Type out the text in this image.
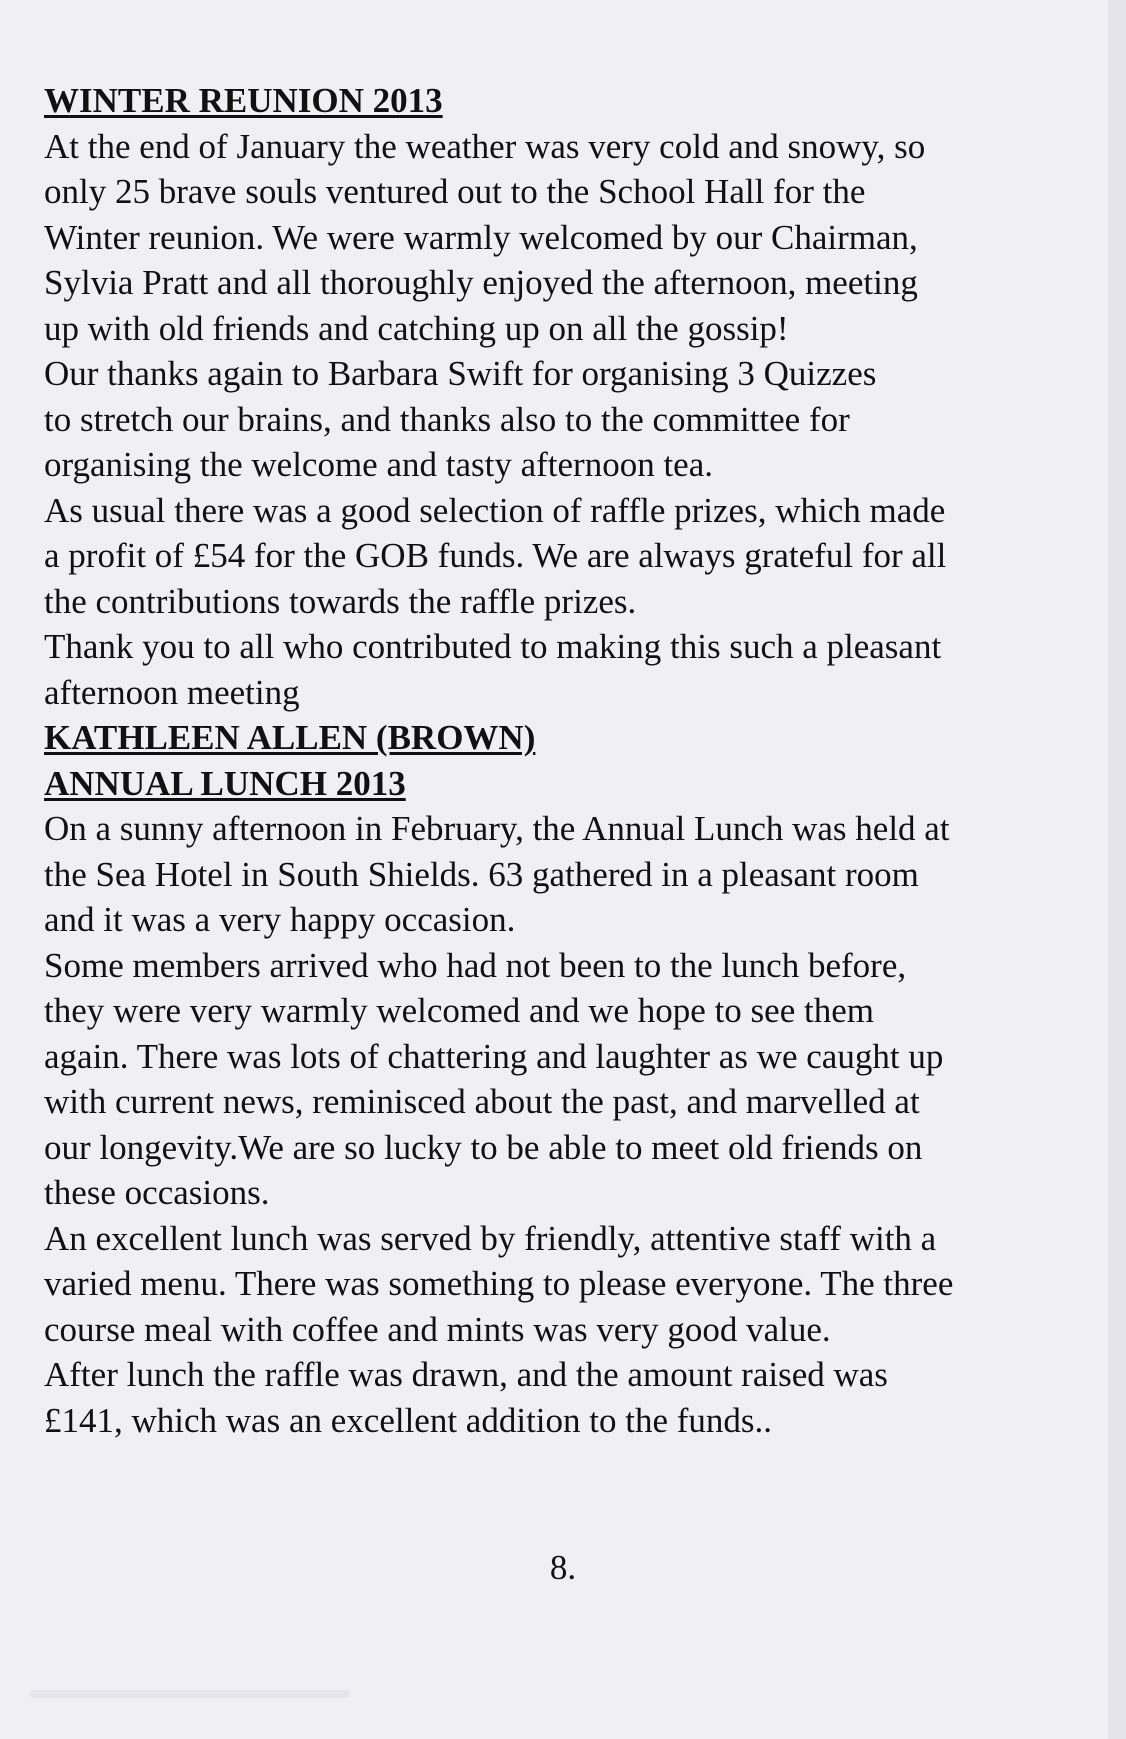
WINTER REUNION 2013

At the end of January the weather was very cold and snowy, so
only 25 brave souls ventured out to the School Hall for the
Winter reunion. We were warmly welcomed by our Chairman,
Sylvia Pratt and all thoroughly enjoyed the afternoon, meeting
up with old friends and catching up on all the gossip!

Our thanks again to Barbara Swift for organising 3 Quizzes
to stretch our brains, and thanks also to the committee for
organising the welcome and tasty afternoon tea.

As usual there was a good selection of raffle prizes, which made
a profit of £54 for the GOB funds. We are always grateful for all
the contributions towards the raffle prizes.

Thank you to all who contributed to making this such a pleasant
afternoon meeting

KATHLEEN ALLEN (BROWN)

ANNUAL LUNCH 2013

On a sunny afternoon in February, the Annual Lunch was held at
the Sea Hotel in South Shields. 63 gathered in a pleasant room
and it was a very happy occasion.

Some members arrived who had not been to the lunch before,
they were very warmly welcomed and we hope to see them
again. There was lots of chattering and laughter as we caught up
with current news, reminisced about the past, and marvelled at
our longevity.We are so lucky to be able to meet old friends on
these occasions.

An excellent lunch was served by friendly, attentive staff with a
varied menu. There was something to please everyone. The three
course meal with coffee and mints was very good value.

After lunch the raffle was drawn, and the amount raised was
£141, which was an excellent addition to the funds..

8.
